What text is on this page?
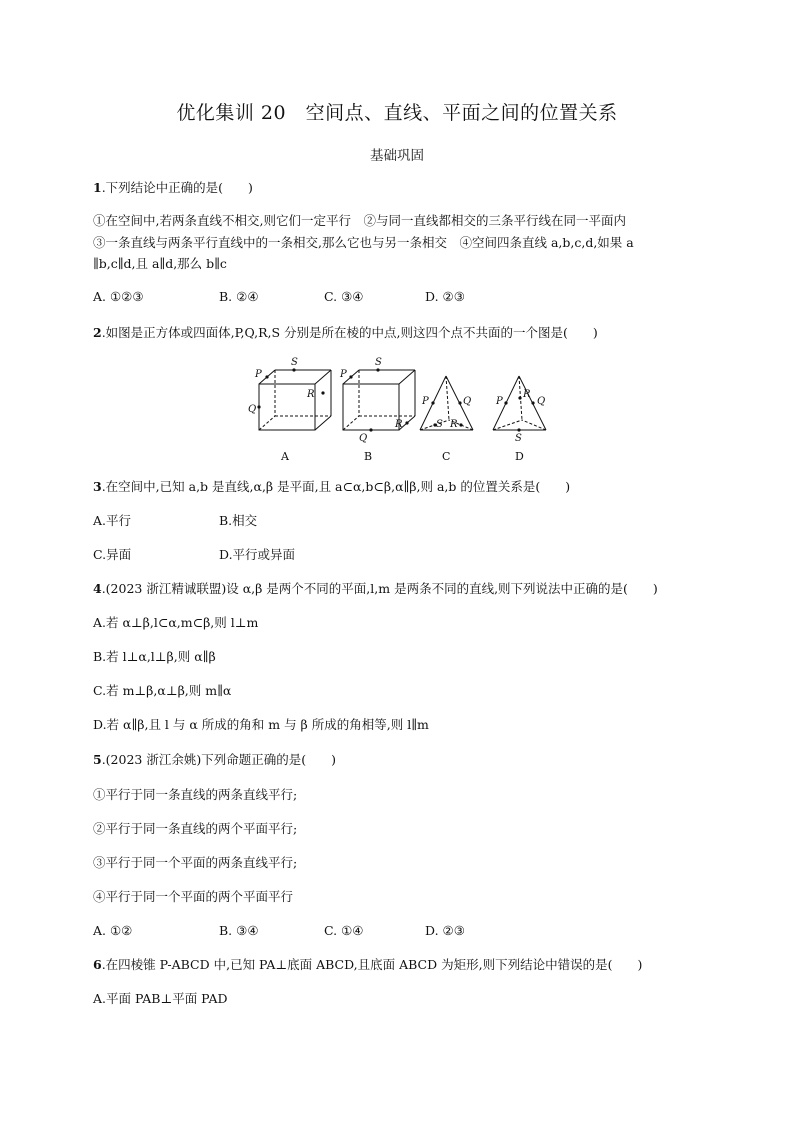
优化集训 20　空间点、直线、平面之间的位置关系
基础巩固
1.下列结论中正确的是(　　)
①在空间中,若两条直线不相交,则它们一定平行　②与同一直线都相交的三条平行线在同一平面内
③一条直线与两条平行直线中的一条相交,那么它也与另一条相交　④空间四条直线 a,b,c,d,如果 a
∥b,c∥d,且 a∥d,那么 b∥c
A. ①②③	B. ②④	C. ③④	D. ②③
2.如图是正方体或四面体,P,Q,R,S 分别是所在棱的中点,则这四个点不共面的一个图是(　　)
P
S
R
Q
P
S
R
Q
P	Q
S R
P	Q
R
S
A	B	C	D
3.在空间中,已知 a,b 是直线,α,β 是平面,且 a⊂α,b⊂β,α∥β,则 a,b 的位置关系是(　　)
A.平行	B.相交
C.异面	D.平行或异面
4.(2023 浙江精诚联盟)设 α,β 是两个不同的平面,l,m 是两条不同的直线,则下列说法中正确的是(　　)
A.若 α⊥β,l⊂α,m⊂β,则 l⊥m
B.若 l⊥α,l⊥β,则 α∥β
C.若 m⊥β,α⊥β,则 m∥α
D.若 α∥β,且 l 与 α 所成的角和 m 与 β 所成的角相等,则 l∥m
5.(2023 浙江余姚)下列命题正确的是(　　)
①平行于同一条直线的两条直线平行;
②平行于同一条直线的两个平面平行;
③平行于同一个平面的两条直线平行;
④平行于同一个平面的两个平面平行
A. ①②	B. ③④	C. ①④	D. ②③
6.在四棱锥 P-ABCD 中,已知 PA⊥底面 ABCD,且底面 ABCD 为矩形,则下列结论中错误的是(　　)
A.平面 PAB⊥平面 PAD
